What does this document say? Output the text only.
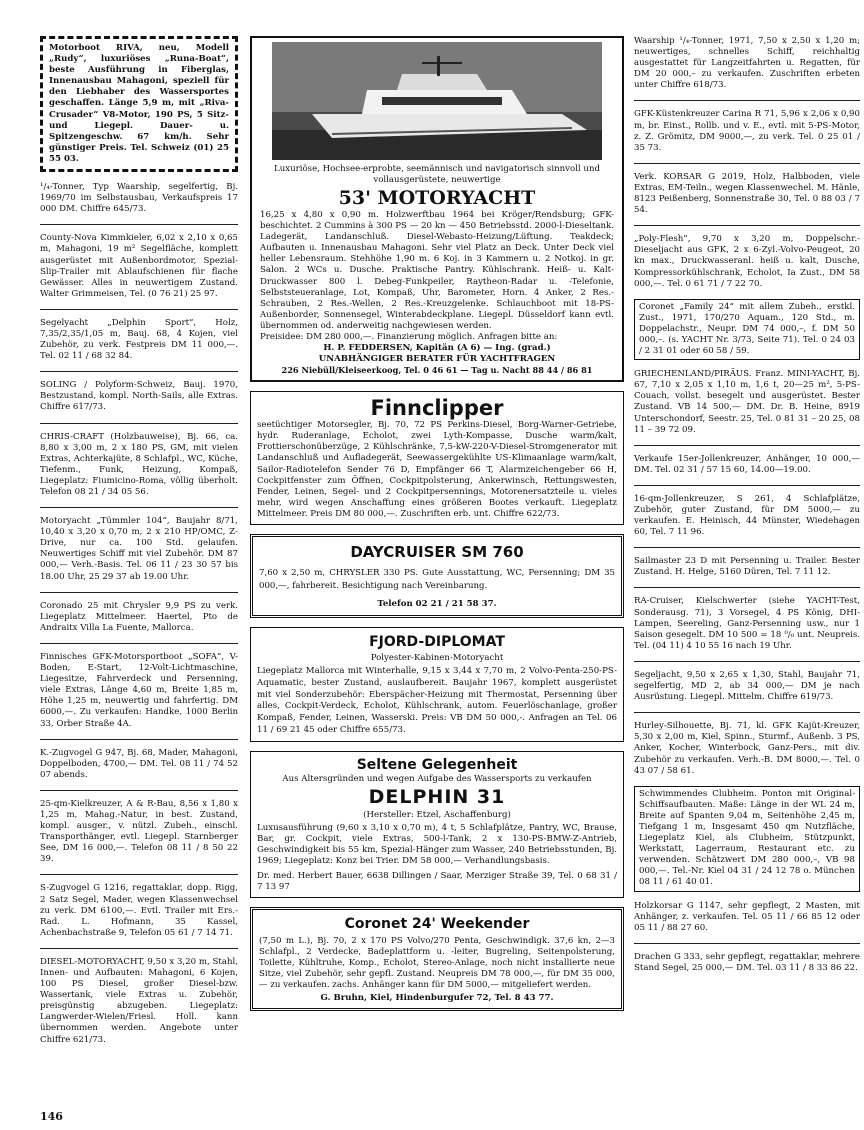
Motorboot RIVA, neu, Modell „Rudy“, luxuriöses „Runa-Boat“, beste Ausführung in Fiberglas, Innenausbau Mahagoni, speziell für den Liebhaber des Wassersportes geschaffen. Länge 5,9 m, mit „Riva-Crusader“ V8-Motor, 190 PS, 5 Sitz- und Liegepl. Dauer- u. Spitzengeschw. 67 km/h. Sehr günstiger Preis. Tel. Schweiz (01) 25 55 03.

¹/₄-Tonner, Typ Waarship, segelfertig, Bj. 1969/70 im Selbstausbau, Verkaufspreis 17 000 DM. Chiffre 645/73.

County-Nova Kimmkieler, 6,02 x 2,10 x 0,65 m, Mahagoni, 19 m² Segelfläche, komplett ausgerüstet mit Außenbordmotor, Spezial-Slip-Trailer mit Ablaufschienen für flache Gewässer. Alles in neuwertigem Zustand. Walter Grimmeisen, Tel. (0 76 21) 25 97.

Segelyacht „Delphin Sport“, Holz, 7,35/2,35/1,05 m, Bauj. 68, 4 Kojen, viel Zubehör, zu verk. Festpreis DM 11 000,—. Tel. 02 11 / 68 32 84.

SOLING / Polyform-Schweiz, Bauj. 1970, Bestzustand, kompl. North-Sails, alle Extras. Chiffre 617/73.

CHRIS-CRAFT (Holzbauweise), Bj. 66, ca. 8,80 x 3,00 m, 2 x 180 PS, GM, mit vielen Extras, Achterkajüte, 8 Schlafpl., WC, Küche, Tiefenm., Funk, Heizung, Kompaß, Liegeplatz: Fiumicino-Roma, völlig überholt. Telefon 08 21 / 34 05 56.

Motoryacht „Tümmler 104“, Baujahr 8/71, 10,40 x 3,20 x 0,70 m, 2 x 210 HP/OMC, Z-Drive, nur ca. 100 Std. gelaufen. Neuwertiges Schiff mit viel Zubehör. DM 87 000,— Verh.-Basis. Tel. 06 11 / 23 30 57 bis 18.00 Uhr, 25 29 37 ab 19.00 Uhr.

Coronado 25 mit Chrysler 9,9 PS zu verk. Liegeplatz Mittelmeer. Haertel, Pto de Andraitx Villa La Fuente, Mallorca.

Finnisches GFK-Motorsportboot „SOFA“, V-Boden, E-Start, 12-Volt-Lichtmaschine, Liegesitze, Fahrverdeck und Persenning, viele Extras, Länge 4,60 m, Breite 1,85 m, Höhe 1,25 m, neuwertig und fahrfertig. DM 6000,—. Zu verkaufen: Handke, 1000 Berlin 33, Orber Straße 4A.

K.-Zugvogel G 947, Bj. 68, Mader, Mahagoni, Doppelboden, 4700,— DM. Tel. 08 11 / 74 52 07 abends.

25-qm-Kielkreuzer, A & R-Bau, 8,56 x 1,80 x 1,25 m, Mahag.-Natur, in best. Zustand, kompl. ausger., v. nützl. Zubeh., einschl. Transporthänger, evtl. Liegepl. Starnberger See, DM 16 000,—. Telefon 08 11 / 8 50 22 39.

S-Zugvogel G 1216, regattaklar, dopp. Rigg, 2 Satz Segel, Mader, wegen Klassenwechsel zu verk. DM 6100,—. Evtl. Trailer mit Ers.-Rad. L. Hofmann, 35 Kassel, Achenbachstraße 9, Telefon 05 61 / 7 14 71.

DIESEL-MOTORYACHT, 9,50 x 3,20 m, Stahl, Innen- und Aufbauten: Mahagoni, 6 Kojen, 100 PS Diesel, großer Diesel-bzw. Wassertank, viele Extras u. Zubehör, preisgünstig abzugeben. Liegeplatz: Langwerder-Wielen/Friesl. Holl. kann übernommen werden. Angebote unter Chiffre 621/73.

Luxuriöse, Hochsee-erprobte, seemännisch und navigatorisch sinnvoll und vollausgerüstete, neuwertige

53' MOTORYACHT

16,25 x 4,80 x 0,90 m. Holzwerftbau 1964 bei Kröger/Rendsburg; GFK-beschichtet. 2 Cummins à 300 PS — 20 kn — 450 Betriebsstd. 2000-l-Dieseltank. Ladegerät, Landanschluß. Diesel-Webasto-Heizung/Lüftung. Teakdeck; Aufbauten u. Innenausbau Mahagoni. Sehr viel Platz an Deck. Unter Deck viel heller Lebensraum. Stehhöhe 1,90 m. 6 Koj. in 3 Kammern u. 2 Notkoj. in gr. Salon. 2 WCs u. Dusche. Praktische Pantry. Kühlschrank. Heiß- u. Kalt-Druckwasser 800 l. Debeg-Funkpeiler, Raytheon-Radar u. -Telefonie, Selbststeueranlage, Lot, Kompaß, Uhr, Barometer, Horn. 4 Anker, 2 Res.-Schrauben, 2 Res.-Wellen, 2 Res.-Kreuzgelenke. Schlauchboot mit 18-PS-Außenborder, Sonnensegel, Winterabdeckplane. Liegepl. Düsseldorf kann evtl. übernommen od. anderweitig nachgewiesen werden.

Preisidee: DM 280 000,—. Finanzierung möglich. Anfragen bitte an:

H. P. FEDDERSEN, Kapitän (A 6) — Ing. (grad.)

UNABHÄNGIGER BERATER FÜR YACHTFRAGEN

226 Niebüll/Kleiseerkoog, Tel. 0 46 61 — Tag u. Nacht 88 44 / 86 81

Finnclipper

seetüchtiger Motorsegler, Bj. 70, 72 PS Perkins-Diesel, Borg-Warner-Getriebe, hydr. Ruderanlage, Echolot, zwei Lyth-Kompasse, Dusche warm/kalt, Frottierschonüberzüge, 2 Kühlschränke, 7,5-kW-220-V-Diesel-Stromgenerator mit Landanschluß und Aufladegerät, Seewassergekühlte US-Klimaanlage warm/kalt, Sailor-Radiotelefon Sender 76 D, Empfänger 66 T, Alarmzeichengeber 66 H, Cockpitfenster zum Öffnen, Cockpitpolsterung, Ankerwinsch, Rettungswesten, Fender, Leinen, Segel- und 2 Cockpitpersennings, Motorenersatzteile u. vieles mehr, wird wegen Anschaffung eines größeren Bootes verkauft. Liegeplatz Mittelmeer. Preis DM 80 000,—. Zuschriften erb. unt. Chiffre 622/73.

DAYCRUISER SM 760

7,60 x 2,50 m, CHRYSLER 330 PS. Gute Ausstattung, WC, Persenning; DM 35 000,—, fahrbereit. Besichtigung nach Vereinbarung.

Telefon 02 21 / 21 58 37.

FJORD-DIPLOMAT

Polyester-Kabinen-Motoryacht

Liegeplatz Mallorca mit Winterhalle, 9,15 x 3,44 x 7,70 m, 2 Volvo-Penta-250-PS-Aquamatic, bester Zustand, auslaufbereit. Baujahr 1967, komplett ausgerüstet mit viel Sonderzubehör: Eberspächer-Heizung mit Thermostat, Persenning über alles, Cockpit-Verdeck, Echolot, Kühlschrank, autom. Feuerlöschanlage, großer Kompaß, Fender, Leinen, Wasserski. Preis: VB DM 50 000,-. Anfragen an Tel. 06 11 / 69 21 45 oder Chiffre 655/73.

Seltene Gelegenheit

Aus Altersgründen und wegen Aufgabe des Wassersports zu verkaufen

DELPHIN 31

(Hersteller: Etzel, Aschaffenburg)

Luxusausführung (9,60 x 3,10 x 0,70 m), 4 t, 5 Schlafplätze, Pantry, WC, Brause, Bar, gr. Cockpit, viele Extras, 500-l-Tank, 2 x 130-PS-BMW-Z-Antrieb, Geschwindigkeit bis 55 km, Spezial-Hänger zum Wasser, 240 Betriebsstunden, Bj. 1969; Liegeplatz: Konz bei Trier. DM 58 000,— Verhandlungsbasis.

Dr. med. Herbert Bauer, 6638 Dillingen / Saar, Merziger Straße 39, Tel. 0 68 31 / 7 13 97

Coronet 24' Weekender

(7,50 m L.), Bj. 70, 2 x 170 PS Volvo/270 Penta, Geschwindigk. 37,6 kn, 2—3 Schlafpl., 2 Verdecke, Badeplattform u. -leiter, Bugreling, Seitenpolsterung, Toilette, Kühltruhe, Komp., Echolot, Stereo-Anlage, noch nicht installierte neue Sitze, viel Zubehör, sehr gepfl. Zustand. Neupreis DM 78 000,—, für DM 35 000,— zu verkaufen. zachs. Anhänger kann für DM 5000,— mitgeliefert werden.

G. Bruhn, Kiel, Hindenburgufer 72, Tel. 8 43 77.

Waarship ¹/₄-Tonner, 1971, 7,50 x 2,50 x 1,20 m; neuwertiges, schnelles Schiff, reichhaltig ausgestattet für Langzeitfahrten u. Regatten, für DM 20 000,– zu verkaufen. Zuschriften erbeten unter Chiffre 618/73.

GFK-Küstenkreuzer Carina R 71, 5,96 x 2,06 x 0,90 m, br. Einst., Rollb. und v. E., evtl. mit 5-PS-Motor, z. Z. Grömitz, DM 9000,—, zu verk. Tel. 0 25 01 / 35 73.

Verk. KORSAR G 2019, Holz, Halbboden, viele Extras, EM-Teiln., wegen Klassenwechel. M. Hänle, 8123 Peißenberg, Sonnenstraße 30, Tel. 0 88 03 / 7 54.

„Poly-Flesh“, 9,70 x 3,20 m, Doppelschr.-Dieseljacht aus GFK, 2 x 6-Zyl.-Volvo-Peugeot, 20 kn max., Druckwasseranl. heiß u. kalt, Dusche, Kompressorkühlschrank, Echolot, Ia Zust., DM 58 000,—. Tel. 0 61 71 / 7 22 70.

Coronet „Family 24“ mit allem Zubeh., erstkl. Zust., 1971, 170/270 Aquam., 120 Std., m. Doppelachstr., Neupr. DM 74 000,–, f. DM 50 000,–. (s. YACHT Nr. 3/73, Seite 71). Tel. 0 24 03 / 2 31 01 oder 60 58 / 59.

GRIECHENLAND/PIRÄUS. Franz. MINI-YACHT, Bj. 67, 7,10 x 2,05 x 1,10 m, 1,6 t, 20—25 m², 5-PS-Couach, vollst. besegelt und ausgerüstet. Bester Zustand. VB 14 500,— DM. Dr. B. Heine, 8919 Unterschondorf, Seestr. 25, Tel. 0 81 31 – 20 25, 08 11 – 39 72 09.

Verkaufe 15er-Jollenkreuzer, Anhänger, 10 000,— DM. Tel. 02 31 / 57 15 60, 14.00—19.00.

16-qm-Jollenkreuzer, S 261, 4 Schlafplätze, Zubehör, guter Zustand, für DM 5000,— zu verkaufen. E. Heinisch, 44 Münster, Wiedehagen 60, Tel. 7 11 96.

Sailmaster 23 D mit Persenning u. Trailer. Bester Zustand. H. Helge, 5160 Düren, Tel. 7 11 12.

RA-Cruiser, Kielschwerter (siehe YACHT-Test, Sonderausg. 71), 3 Vorsegel, 4 PS König, DHI-Lampen, Seereling, Ganz-Persenning usw., nur 1 Saison gesegelt. DM 10 500 = 18 ⁰/₀ unt. Neupreis. Tel. (04 11) 4 10 55 16 nach 19 Uhr.

Segeljacht, 9,50 x 2,65 x 1,30, Stahl, Baujahr 71, segelfertig, MD 2, ab 34 000,— DM je nach Ausrüstung. Liegepl. Mittelm. Chiffre 619/73.

Hurley-Silhouette, Bj. 71, kl. GFK Kajüt-Kreuzer, 5,30 x 2,00 m, Kiel, Spinn., Sturmf., Außenb. 3 PS, Anker, Kocher, Winterbock, Ganz-Pers., mit div. Zubehör zu verkaufen. Verh.-B. DM 8000,—. Tel. 0 43 07 / 58 61.

Schwimmendes Clubheim. Ponton mit Original-Schiffsaufbauten. Maße: Länge in der WL 24 m, Breite auf Spanten 9,04 m, Seitenhöhe 2,45 m, Tiefgang 1 m, Insgesamt 450 qm Nutzfläche, Liegeplatz Kiel, als Clubheim, Stützpunkt, Werkstatt, Lagerraum, Restaurant etc. zu verwenden. Schätzwert DM 280 000,–, VB 98 000,—. Tel.-Nr. Kiel 04 31 / 24 12 78 o. München 08 11 / 61 40 01.

Holzkorsar G 1147, sehr gepflegt, 2 Masten, mit Anhänger, z. verkaufen. Tel. 05 11 / 66 85 12 oder 05 11 / 88 27 60.

Drachen G 333, sehr gepflegt, regattaklar, mehrere Stand Segel, 25 000,— DM. Tel. 03 11 / 8 33 86 22.

146
